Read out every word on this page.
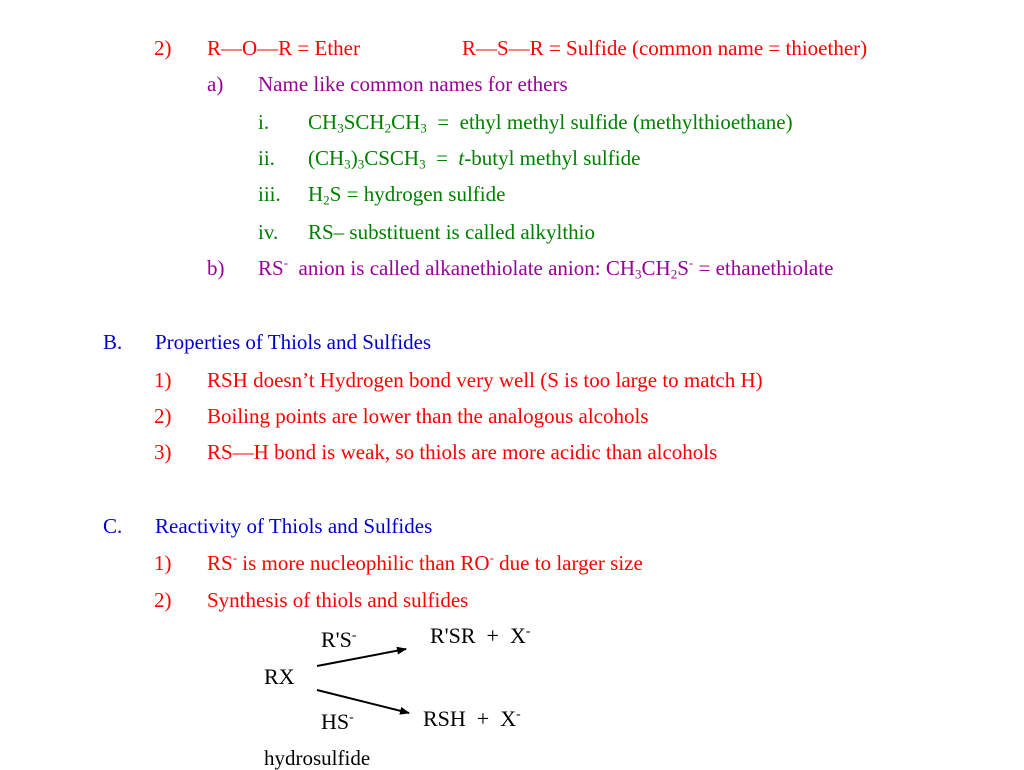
2) R—O—R = Ether	R—S—R = Sulfide (common name = thioether)
a) Name like common names for ethers
i. $CH_3SCH_2CH_3$  =  ethyl methyl sulfide (methylthioethane)
ii. $(CH_3)_3CSCH_3$  =  t-butyl methyl sulfide
iii. $H_2S$ = hydrogen sulfide
iv. RS– substituent is called alkylthio
b) RS-  anion is called alkanethiolate anion: $CH_3CH_2S^-$ = ethanethiolate
B. Properties of Thiols and Sulfides
1) RSH doesn’t Hydrogen bond very well (S is too large to match H)
2) Boiling points are lower than the analogous alcohols
3) RS—H bond is weak, so thiols are more acidic than alcohols
C. Reactivity of Thiols and Sulfides
1) RS- is more nucleophilic than RO- due to larger size
2) Synthesis of thiols and sulfides
R'S-	R'SR  +  X-
RX
HS-	RSH  +  X-
hydrosulfide
